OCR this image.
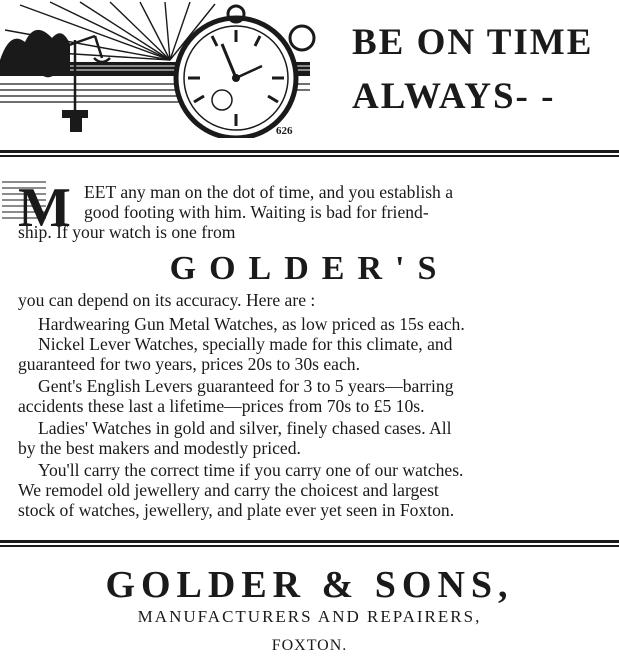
626
BE ON TIME
ALWAYS- -
M EET any man on the dot of time, and you establish a
good footing with him. Waiting is bad for friend-
ship. If your watch is one from
GOLDER'S
you can depend on its accuracy. Here are :
Hardwearing Gun Metal Watches, as low priced as 15s each.
Nickel Lever Watches, specially made for this climate, and
guaranteed for two years, prices 20s to 30s each.
Gent's English Levers guaranteed for 3 to 5 years—barring
accidents these last a lifetime—prices from 70s to £5 10s.
Ladies' Watches in gold and silver, finely chased cases. All
by the best makers and modestly priced.
You'll carry the correct time if you carry one of our watches.
We remodel old jewellery and carry the choicest and largest
stock of watches, jewellery, and plate ever yet seen in Foxton.
GOLDER & SONS,
MANUFACTURERS AND REPAIRERS,
FOXTON.
